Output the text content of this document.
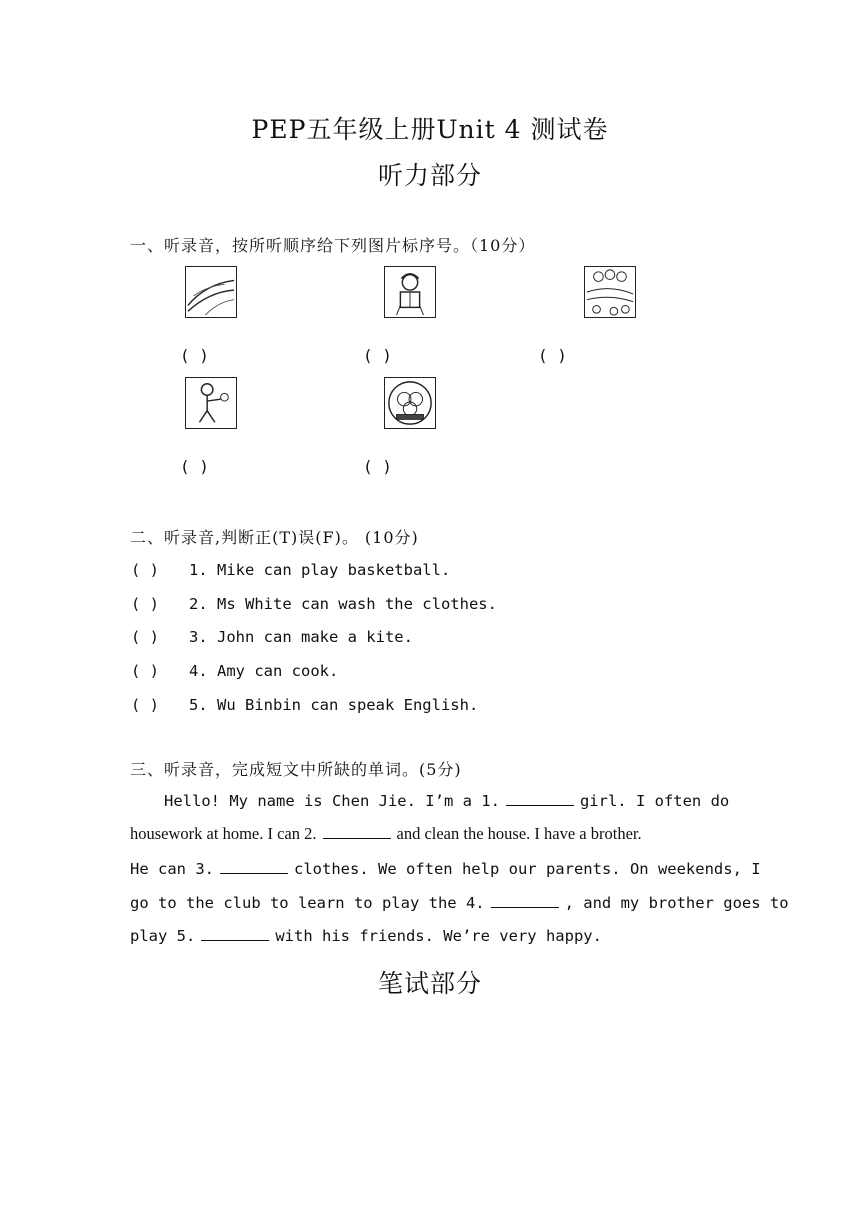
PEP五年级上册Unit 4 测试卷
听力部分
一、听录音，按所听顺序给下列图片标序号。（10分）
( )	( )	( )
( )	( )
二、听录音,判断正(T)误(F)。 (10分)
( ) 1. Mike can play basketball.
( ) 2. Ms White can wash the clothes.
( ) 3. John can make a kite.
( ) 4. Amy can cook.
( ) 5. Wu Binbin can speak English.
三、听录音，完成短文中所缺的单词。(5分)
Hello! My name is Chen Jie. I’m a 1.	girl. I often do
housework at home. I can 2.	and clean the house. I have a brother.
He can 3.	clothes. We often help our parents. On weekends, I
go to the club to learn to play the 4.	, and my brother goes to
play 5.	with his friends. We’re very happy.
笔试部分
